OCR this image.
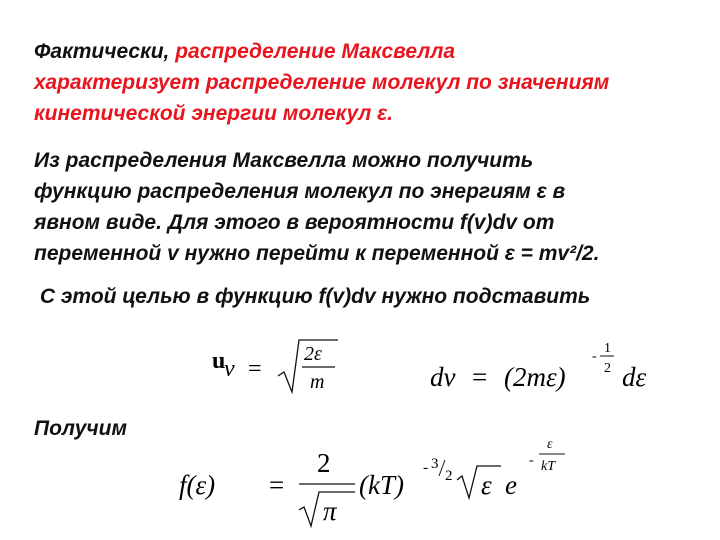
Фактически, распределение Максвелла
характеризует распределение молекул по значениям
кинетической энергии молекул ε.
Из распределения Максвелла можно получить
функцию распределения молекул по энергиям ε в
явном виде. Для этого в вероятности f(v)dv от
переменной v нужно перейти к переменной ε = mv²/2.
С этой целью в функцию f(v)dv нужно подставить
Получим
u
v =
2ε
m	dv = (2mε)
-
1
2 dε
f(ε) =
2
π
(kT)
- 3
2 ε e
-
ε
kT
